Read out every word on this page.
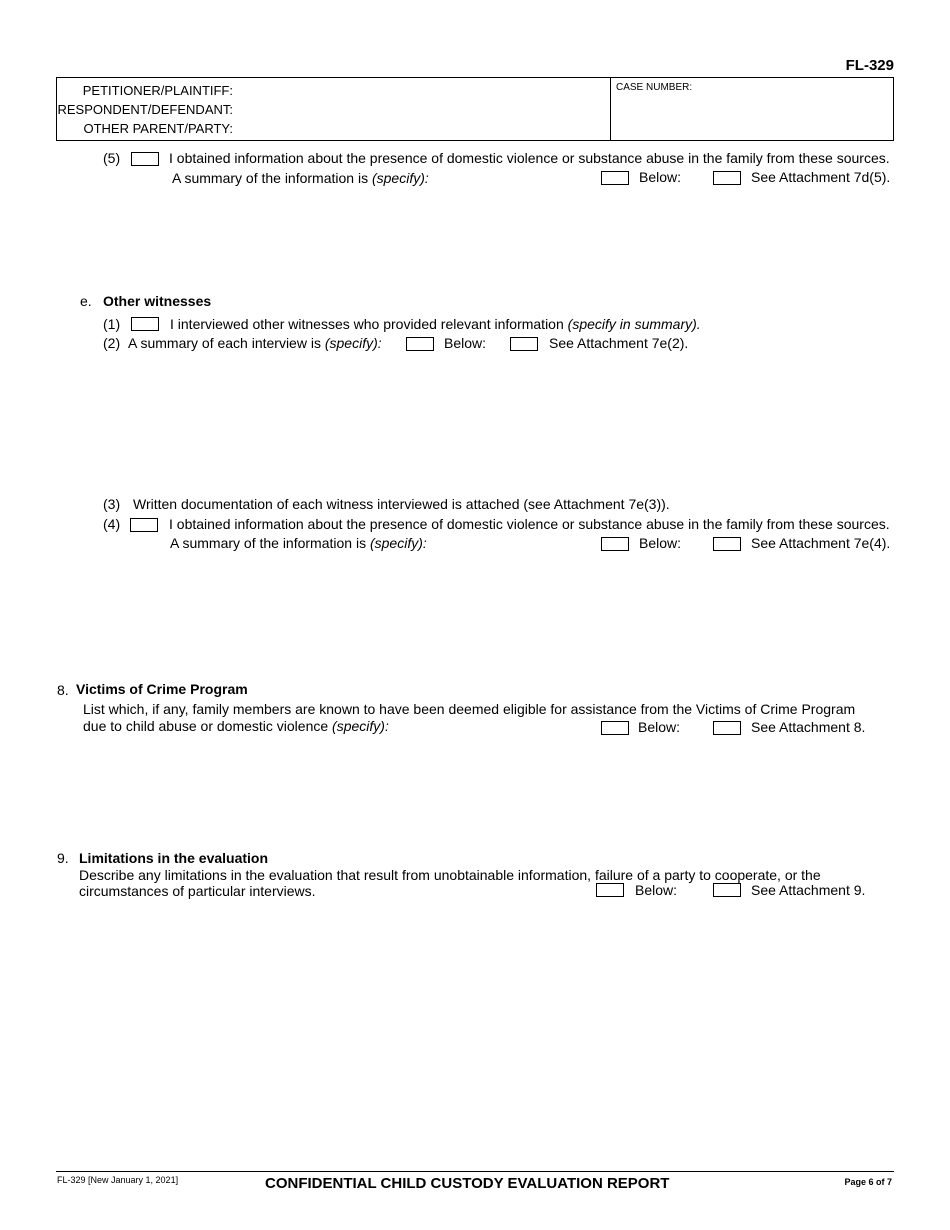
FL-329
PETITIONER/PLAINTIFF:
RESPONDENT/DEFENDANT:
OTHER PARENT/PARTY:
CASE NUMBER:
(5)	I obtained information about the presence of domestic violence or substance abuse in the family from these sources.
A summary of the information is (specify):	Below:	See Attachment 7d(5).
e. Other witnesses
(1)	I interviewed other witnesses who provided relevant information (specify in summary).
(2) A summary of each interview is (specify):	Below:	See Attachment 7e(2).
(3) Written documentation of each witness interviewed is attached (see Attachment 7e(3)).
(4)	I obtained information about the presence of domestic violence or substance abuse in the family from these sources.
A summary of the information is (specify):	Below:	See Attachment 7e(4).
8. Victims of Crime Program
List which, if any, family members are known to have been deemed eligible for assistance from the Victims of Crime Program
due to child abuse or domestic violence (specify):	Below:	See Attachment 8.
9. Limitations in the evaluation
Describe any limitations in the evaluation that result from unobtainable information, failure of a party to cooperate, or the
circumstances of particular interviews.	Below:	See Attachment 9.
FL-329 [New January 1, 2021]	CONFIDENTIAL CHILD CUSTODY EVALUATION REPORT	Page 6 of 7
